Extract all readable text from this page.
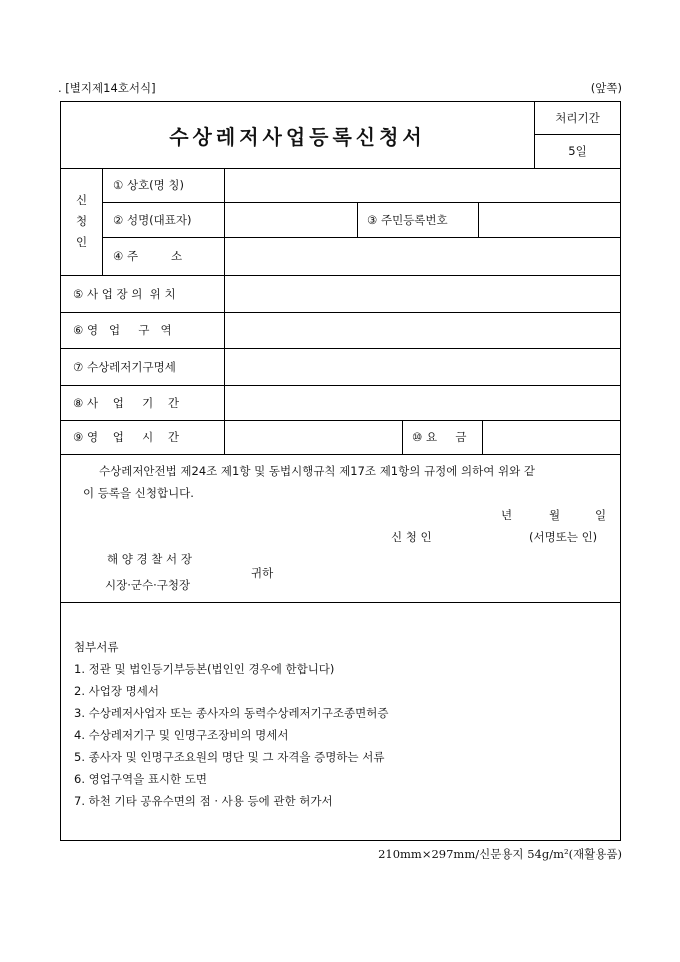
. [별지제14호서식]	(앞쪽)
수상레저사업등록신청서
처리기간
5일
신
청
인
① 상호(명 칭)
② 성명(대표자)	③ 주민등록번호
④ 주         소
⑤ 사 업 장 의  위 치
⑥ 영   업     구   역
⑦ 수상레저기구명세
⑧ 사    업     기    간
⑨ 영    업     시    간	⑩ 요     금
수상레저안전법 제24조 제1항 및 동법시행규칙 제17조 제1항의 규정에 의하여 위와 같
이 등록을 신청합니다.
년	월	일
신 청 인	(서명또는 인)
해 양 경 찰 서 장
시장·군수·구청장
귀하
첨부서류
1. 정관 및 법인등기부등본(법인인 경우에 한합니다)
2. 사업장 명세서
3. 수상레저사업자 또는 종사자의 동력수상레저기구조종면허증
4. 수상레저기구 및 인명구조장비의 명세서
5. 종사자 및 인명구조요원의 명단 및 그 자격을 증명하는 서류
6. 영업구역을 표시한 도면
7. 하천 기타 공유수면의 점 · 사용 등에 관한 허가서
210mm×297mm/신문용지 54g/m²(재활용품)
